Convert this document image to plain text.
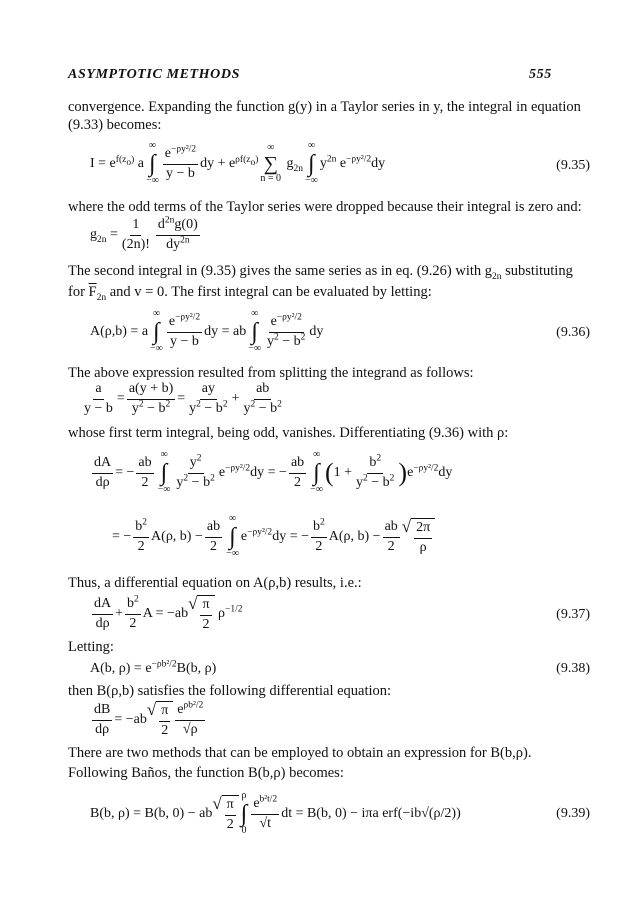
ASYMPTOTIC METHODS	555
convergence. Expanding the function g(y) in a Taylor series in y, the integral in equation
(9.33) becomes:
$I = e^{f(z_o)}$ a
∞
∫
−∞ $\frac{e^{-\rho y^2/2}}{y - b}$ dy + $e^{\rho f(z_o)}$
∞
∑
n = 0
$g_{2n}$
∞
∫
−∞
$y^{2n}$ $e^{-\rho y^2/2}dy$	(9.35)
where the odd terms of the Taylor series were dropped because their integral is zero and:
$g_{2n} = \frac{1}{(2n)!} \frac{d^{2n}g(0)}{dy^{2n}}$
The second integral in (9.35) gives the same series as in eq. (9.26) with $g_{2n}$ substituting
for $\overline{F}_{2n}$ and v = 0. The first integral can be evaluated by letting:
A(ρ,b) = a
∞
∫
−∞ $\frac{e^{-\rho y^2/2}}{y - b}$ dy = ab
∞
∫
−∞ $\frac{e^{-\rho y^2/2}}{y^2 - b^2}$ dy	(9.36)
The above expression resulted from splitting the integrand as follows:
$\frac{a}{y - b} = \frac{a(y + b)}{y^2 - b^2} = \frac{ay}{y^2 - b^2} + \frac{ab}{y^2 - b^2}$
whose first term integral, being odd, vanishes. Differentiating (9.36) with ρ:
$\frac{dA}{d\rho}$ = − $\frac{ab}{2}$
∞
∫
−∞ $\frac{y^2}{y^2 - b^2} e^{-\rho y^2/2}dy$ = − $\frac{ab}{2}$
∞
∫
−∞
( $1 + \frac{b^2}{y^2 - b^2}$ ) $e^{-\rho y^2/2}dy$
= − $\frac{b^2}{2} A(\rho$, $b) - \frac{ab}{2}$
∞
∫
−∞
$e^{-\rho y^2/2}dy$ = − $\frac{b^2}{2} A(\rho$, $b) - \frac{ab}{2}$ √ $\frac{2\pi}{\rho}$
Thus, a differential equation on A(ρ,b) results, i.e.:
$\frac{dA}{d\rho} + \frac{b^2}{2}$ A = −ab
√ $\frac{\pi}{2} \rho^{-1/2}$	(9.37)
Letting:
A(b, $\rho) = e^{-\rho b^2/2}B(b$, ρ)	(9.38)
then B(ρ,b) satisfies the following differential equation:
$\frac{dB}{d\rho} = -ab$
√ $\frac{\pi}{2} \frac{e^{\rho b^2/2}}{√\rho}$
There are two methods that can be employed to obtain an expression for B(b,ρ).
Following Baños, the function B(b,ρ) becomes:
B(b, ρ) = B(b, 0) − ab
√ $\frac{\pi}{2}$
ρ
∫
$0 \frac{e^{b^2t/2}}{√t}$ dt = B(b, 0) − iπa erf(−ib√(ρ/2))	(9.39)
